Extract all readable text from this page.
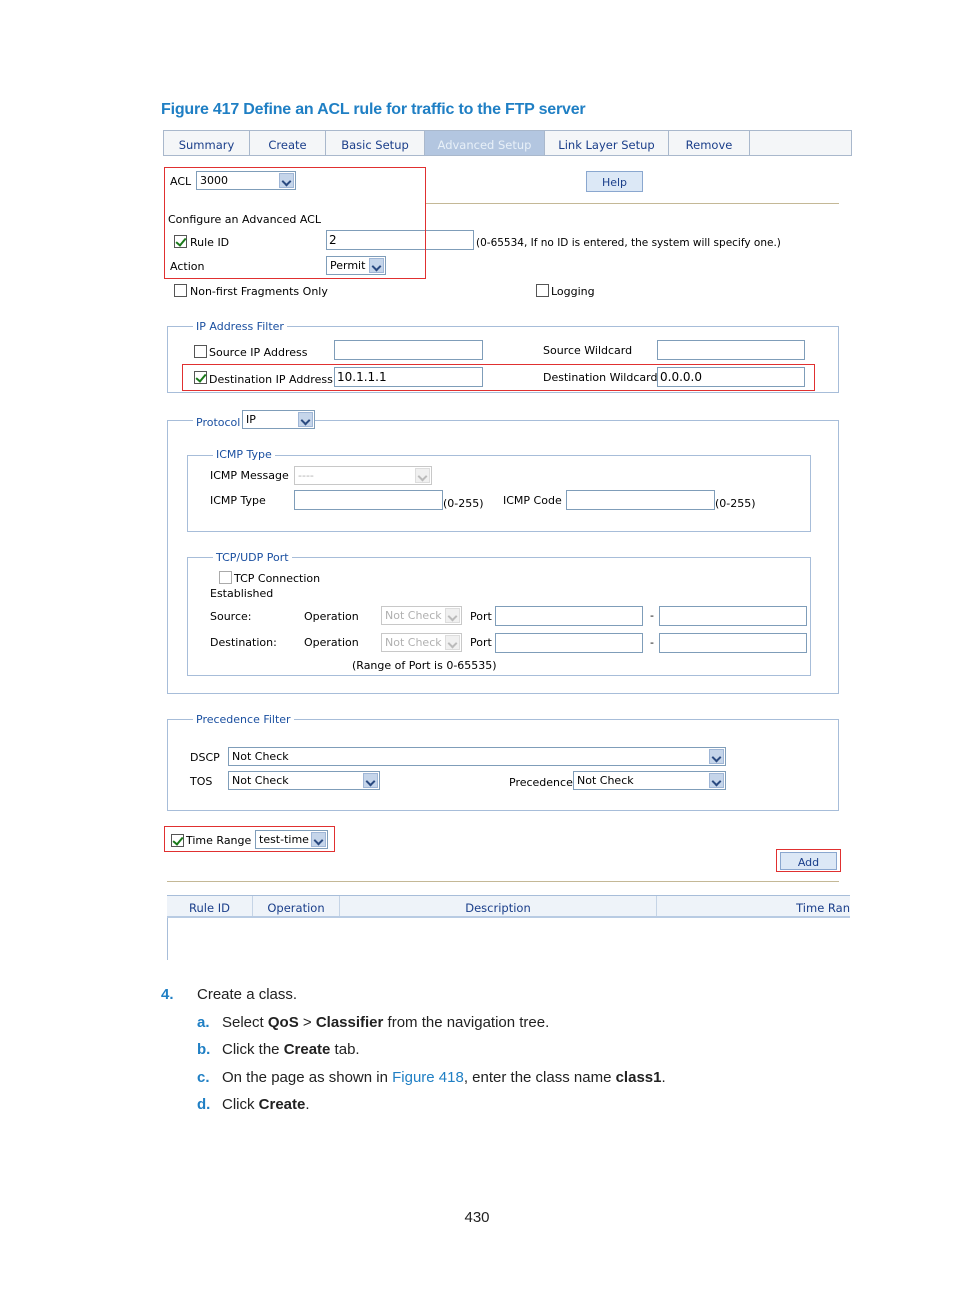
Figure 417 Define an ACL rule for traffic to the FTP server
Summary	Create	Basic Setup	Advanced Setup	Link Layer Setup	Remove
ACL 3000	Help
Configure an Advanced ACL
Rule ID	2	(0-65534, If no ID is entered, the system will specify one.)
Action	Permit
Non-first Fragments Only	Logging
IP Address Filter
Source IP Address	Source Wildcard
Destination IP Address 10.1.1.1	Destination Wildcard 0.0.0.0
Protocol IP
ICMP Type
ICMP Message ----
ICMP Type	(0-255) ICMP Code	(0-255)
TCP/UDP Port
TCP Connection
Established
Source:	Operation	Not Check	Port	-
Destination: Operation	Not Check	Port	-
(Range of Port is 0-65535)
Precedence Filter
DSCP	Not Check
TOS	Not Check	Precedence Not Check
Time Range test-time
Add
Rule ID	Operation	Description	Time Ran
4. Create a class.
a. Select QoS > Classifier from the navigation tree.
b. Click the Create tab.
c. On the page as shown in Figure 418, enter the class name class1.
d. Click Create.
430
